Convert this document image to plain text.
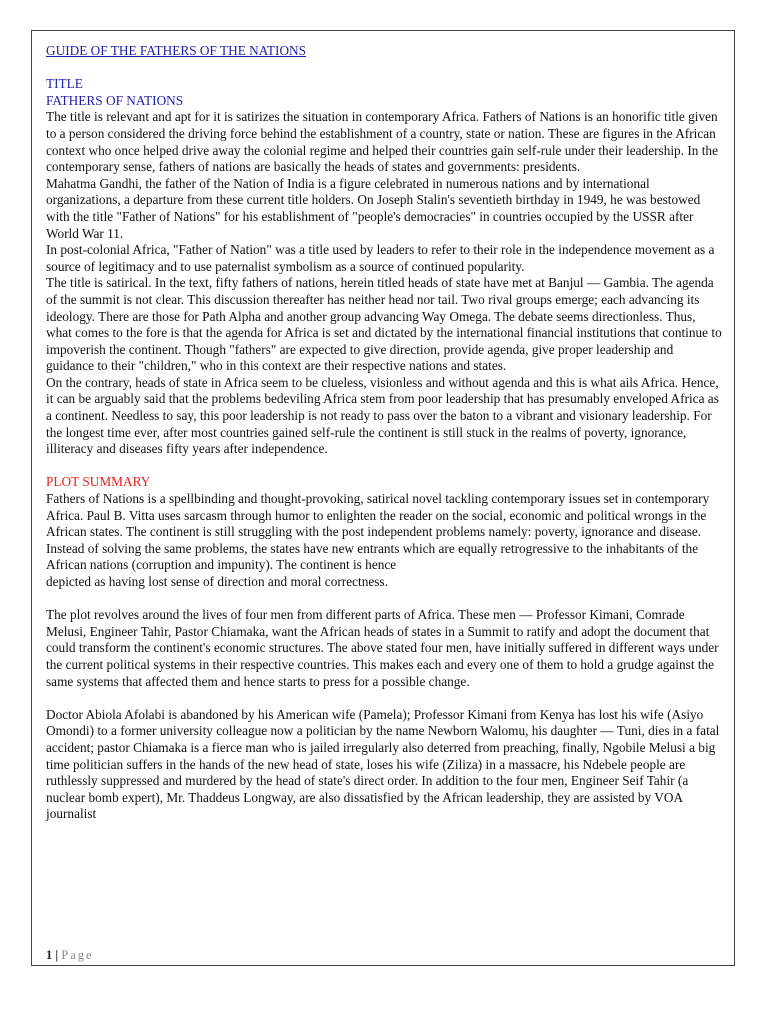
GUIDE OF THE FATHERS OF THE NATIONS

TITLE

FATHERS OF NATIONS

The title is relevant and apt for it is satirizes the situation in contemporary Africa. Fathers of Nations is an honorific title given to a person considered the driving force behind the establishment of a country, state or nation. These are figures in the African context who once helped drive away the colonial regime and helped their countries gain self-rule under their leadership. In the contemporary sense, fathers of nations are basically the heads of states and governments: presidents.

Mahatma Gandhi, the father of the Nation of India is a figure celebrated in numerous nations and by international organizations, a departure from these current title holders. On Joseph Stalin's seventieth birthday in 1949, he was bestowed with the title "Father of Nations" for his establishment of "people's democracies" in countries occupied by the USSR after World War 11.

In post-colonial Africa, "Father of Nation" was a title used by leaders to refer to their role in the independence movement as a source of legitimacy and to use paternalist symbolism as a source of continued popularity.

The title is satirical. In the text, fifty fathers of nations, herein titled heads of state have met at Banjul — Gambia. The agenda of the summit is not clear. This discussion thereafter has neither head nor tail. Two rival groups emerge; each advancing its ideology. There are those for Path Alpha and another group advancing Way Omega. The debate seems directionless. Thus, what comes to the fore is that the agenda for Africa is set and dictated by the international financial institutions that continue to impoverish the continent. Though "fathers" are expected to give direction, provide agenda, give proper leadership and guidance to their "children," who in this context are their respective nations and states.

On the contrary, heads of state in Africa seem to be clueless, visionless and without agenda and this is what ails Africa. Hence, it can be arguably said that the problems bedeviling Africa stem from poor leadership that has presumably enveloped Africa as a continent. Needless to say, this poor leadership is not ready to pass over the baton to a vibrant and visionary leadership. For the longest time ever, after most countries gained self-rule the continent is still stuck in the realms of poverty, ignorance, illiteracy and diseases fifty years after independence.

PLOT SUMMARY

Fathers of Nations is a spellbinding and thought-provoking, satirical novel tackling contemporary issues set in contemporary Africa. Paul B. Vitta uses sarcasm through humor to enlighten the reader on the social, economic and political wrongs in the African states. The continent is still struggling with the post independent problems namely: poverty, ignorance and disease. Instead of solving the same problems, the states have new entrants which are equally retrogressive to the inhabitants of the African nations (corruption and impunity). The continent is hence

depicted as having lost sense of direction and moral correctness.

The plot revolves around the lives of four men from different parts of Africa. These men — Professor Kimani, Comrade Melusi, Engineer Tahir, Pastor Chiamaka, want the African heads of states in a Summit to ratify and adopt the document that could transform the continent's economic structures. The above stated four men, have initially suffered in different ways under the current political systems in their respective countries. This makes each and every one of them to hold a grudge against the same systems that affected them and hence starts to press for a possible change.

Doctor Abiola Afolabi is abandoned by his American wife (Pamela); Professor Kimani from Kenya has lost his wife (Asiyo Omondi) to a former university colleague now a politician by the name Newborn Walomu, his daughter — Tuni, dies in a fatal accident; pastor Chiamaka is a fierce man who is jailed irregularly also deterred from preaching, finally, Ngobile Melusi a big time politician suffers in the hands of the new head of state, loses his wife (Ziliza) in a massacre, his Ndebele people are ruthlessly suppressed and murdered by the head of state's direct order. In addition to the four men, Engineer Seif Tahir (a nuclear bomb expert), Mr. Thaddeus Longway, are also dissatisfied by the African leadership, they are assisted by VOA journalist

1 | Page
